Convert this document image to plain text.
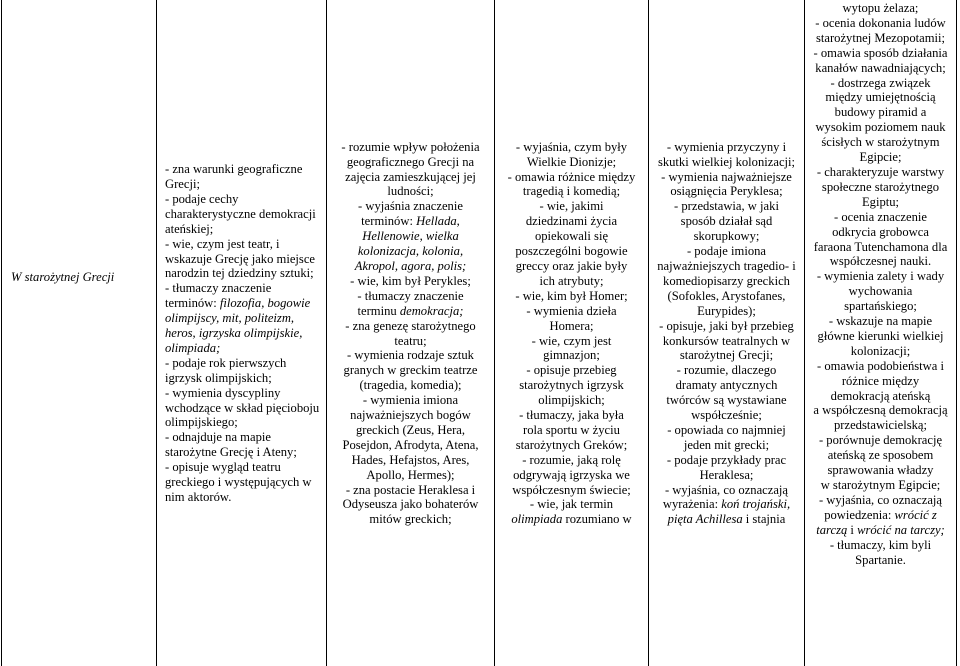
W starożytnej Grecji	
- zna warunki geograficzne
Grecji;
- podaje cechy
charakterystyczne demokracji
ateńskiej;
- wie, czym jest teatr, i
wskazuje Grecję jako miejsce
narodzin tej dziedziny sztuki;
- tłumaczy znaczenie
terminów: filozofia, bogowie
olimpijscy, mit, politeizm,
heros, igrzyska olimpijskie,
olimpiada;
- podaje rok pierwszych
igrzysk olimpijskich;
- wymienia dyscypliny
wchodzące w skład pięcioboju
olimpijskiego;
- odnajduje na mapie
starożytne Grecję i Ateny;
- opisuje wygląd teatru
greckiego i występujących w
nim aktorów.

- rozumie wpływ położenia
geograficznego Grecji na
zajęcia zamieszkującej jej
ludności;
- wyjaśnia znaczenie
terminów: Hellada,
Hellenowie, wielka
kolonizacja, kolonia,
Akropol, agora, polis;
- wie, kim był Perykles;
- tłumaczy znaczenie
terminu demokracja;
- zna genezę starożytnego
teatru;
- wymienia rodzaje sztuk
granych w greckim teatrze
(tragedia, komedia);
- wymienia imiona
najważniejszych bogów
greckich (Zeus, Hera,
Posejdon, Afrodyta, Atena,
Hades, Hefajstos, Ares,
Apollo, Hermes);
- zna postacie Heraklesa i
Odyseusza jako bohaterów
mitów greckich;

- wyjaśnia, czym były
Wielkie Dionizje;
- omawia różnice między
tragedią i komedią;
- wie, jakimi
dziedzinami życia
opiekowali się
poszczególni bogowie
greccy oraz jakie były
ich atrybuty;
- wie, kim był Homer;
- wymienia dzieła
Homera;
- wie, czym jest
gimnazjon;
- opisuje przebieg
starożytnych igrzysk
olimpijskich;
- tłumaczy, jaka była
rola sportu w życiu
starożytnych Greków;
- rozumie, jaką rolę
odgrywają igrzyska we
współczesnym świecie;
- wie, jak termin
olimpiada rozumiano w

- wymienia przyczyny i
skutki wielkiej kolonizacji;
- wymienia najważniejsze
osiągnięcia Peryklesa;
- przedstawia, w jaki
sposób działał sąd
skorupkowy;
- podaje imiona
najważniejszych tragedio- i
komediopisarzy greckich
(Sofokles, Arystofanes,
Eurypides);
- opisuje, jaki był przebieg
konkursów teatralnych w
starożytnej Grecji;
- rozumie, dlaczego
dramaty antycznych
twórców są wystawiane
współcześnie;
- opowiada co najmniej
jeden mit grecki;
- podaje przykłady prac
Heraklesa;
- wyjaśnia, co oznaczają
wyrażenia: koń trojański,
pięta Achillesa i stajnia

wytopu żelaza;
- ocenia dokonania ludów
starożytnej Mezopotamii;
- omawia sposób działania
kanałów nawadniających;
- dostrzega związek
między umiejętnością
budowy piramid a
wysokim poziomem nauk
ścisłych w starożytnym
Egipcie;
- charakteryzuje warstwy
społeczne starożytnego
Egiptu;
- ocenia znaczenie
odkrycia grobowca
faraona Tutenchamona dla
współczesnej nauki.
- wymienia zalety i wady
wychowania
spartańskiego;
- wskazuje na mapie
główne kierunki wielkiej
kolonizacji;
- omawia podobieństwa i
różnice między
demokracją ateńską
a współczesną demokracją
przedstawicielską;
- porównuje demokrację
ateńską ze sposobem
sprawowania władzy
w starożytnym Egipcie;
- wyjaśnia, co oznaczają
powiedzenia: wrócić z
tarczą i wrócić na tarczy;
- tłumaczy, kim byli
Spartanie.
